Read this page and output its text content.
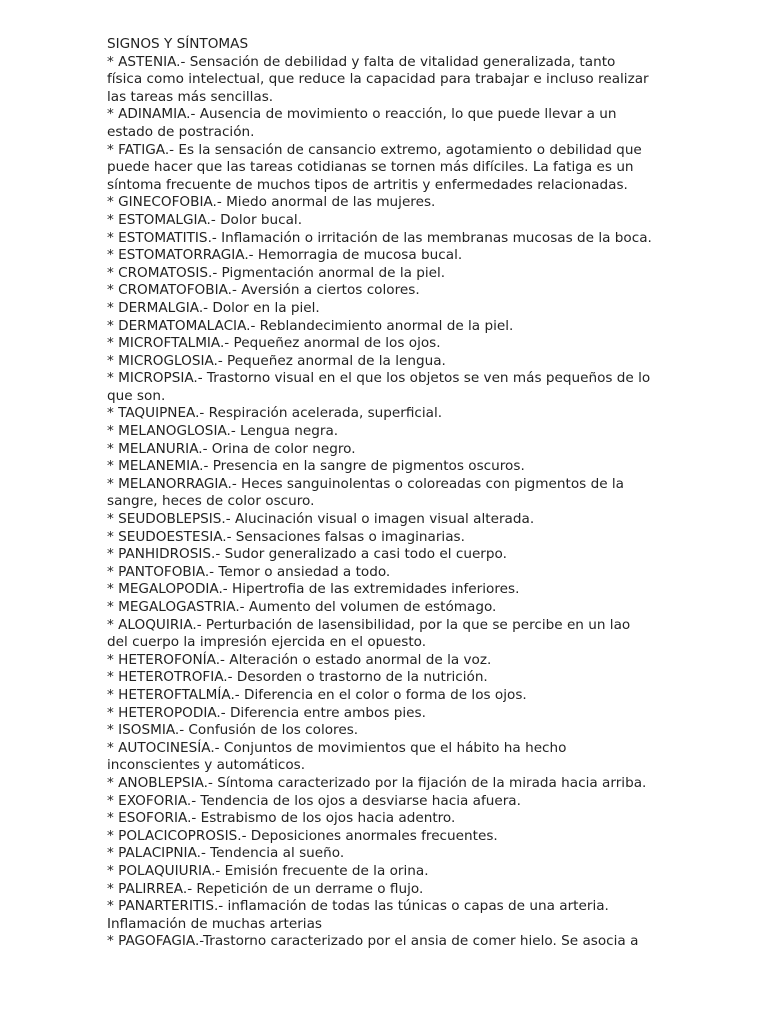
SIGNOS Y SÍNTOMAS
* ASTENIA.- Sensación de debilidad y falta de vitalidad generalizada, tanto
física como intelectual, que reduce la capacidad para trabajar e incluso realizar
las tareas más sencillas.
* ADINAMIA.- Ausencia de movimiento o reacción, lo que puede llevar a un
estado de postración.
* FATIGA.- Es la sensación de cansancio extremo, agotamiento o debilidad que
puede hacer que las tareas cotidianas se tornen más difíciles. La fatiga es un
síntoma frecuente de muchos tipos de artritis y enfermedades relacionadas.
* GINECOFOBIA.- Miedo anormal de las mujeres.
* ESTOMALGIA.- Dolor bucal.
* ESTOMATITIS.- Inflamación o irritación de las membranas mucosas de la boca.
* ESTOMATORRAGIA.- Hemorragia de mucosa bucal.
* CROMATOSIS.- Pigmentación anormal de la piel.
* CROMATOFOBIA.- Aversión a ciertos colores.
* DERMALGIA.- Dolor en la piel.
* DERMATOMALACIA.- Reblandecimiento anormal de la piel.
* MICROFTALMIA.- Pequeñez anormal de los ojos.
* MICROGLOSIA.- Pequeñez anormal de la lengua.
* MICROPSIA.- Trastorno visual en el que los objetos se ven más pequeños de lo
que son.
* TAQUIPNEA.- Respiración acelerada, superficial.
* MELANOGLOSIA.- Lengua negra.
* MELANURIA.- Orina de color negro.
* MELANEMIA.- Presencia en la sangre de pigmentos oscuros.
* MELANORRAGIA.- Heces sanguinolentas o coloreadas con pigmentos de la
sangre, heces de color oscuro.
* SEUDOBLEPSIS.- Alucinación visual o imagen visual alterada.
* SEUDOESTESIA.- Sensaciones falsas o imaginarias.
* PANHIDROSIS.- Sudor generalizado a casi todo el cuerpo.
* PANTOFOBIA.- Temor o ansiedad a todo.
* MEGALOPODIA.- Hipertrofia de las extremidades inferiores.
* MEGALOGASTRIA.- Aumento del volumen de estómago.
* ALOQUIRIA.- Perturbación de lasensibilidad, por la que se percibe en un lao
del cuerpo la impresión ejercida en el opuesto.
* HETEROFONÍA.- Alteración o estado anormal de la voz.
* HETEROTROFIA.- Desorden o trastorno de la nutrición.
* HETEROFTALMÍA.- Diferencia en el color o forma de los ojos.
* HETEROPODIA.- Diferencia entre ambos pies.
* ISOSMIA.- Confusión de los colores.
* AUTOCINESÍA.- Conjuntos de movimientos que el hábito ha hecho
inconscientes y automáticos.
* ANOBLEPSIA.- Síntoma caracterizado por la fijación de la mirada hacia arriba.
* EXOFORIA.- Tendencia de los ojos a desviarse hacia afuera.
* ESOFORIA.- Estrabismo de los ojos hacia adentro.
* POLACICOPROSIS.- Deposiciones anormales frecuentes.
* PALACIPNIA.- Tendencia al sueño.
* POLAQUIURIA.- Emisión frecuente de la orina.
* PALIRREA.- Repetición de un derrame o flujo.
* PANARTERITIS.- inflamación de todas las túnicas o capas de una arteria.
Inflamación de muchas arterias
* PAGOFAGIA.-Trastorno caracterizado por el ansia de comer hielo. Se asocia a
